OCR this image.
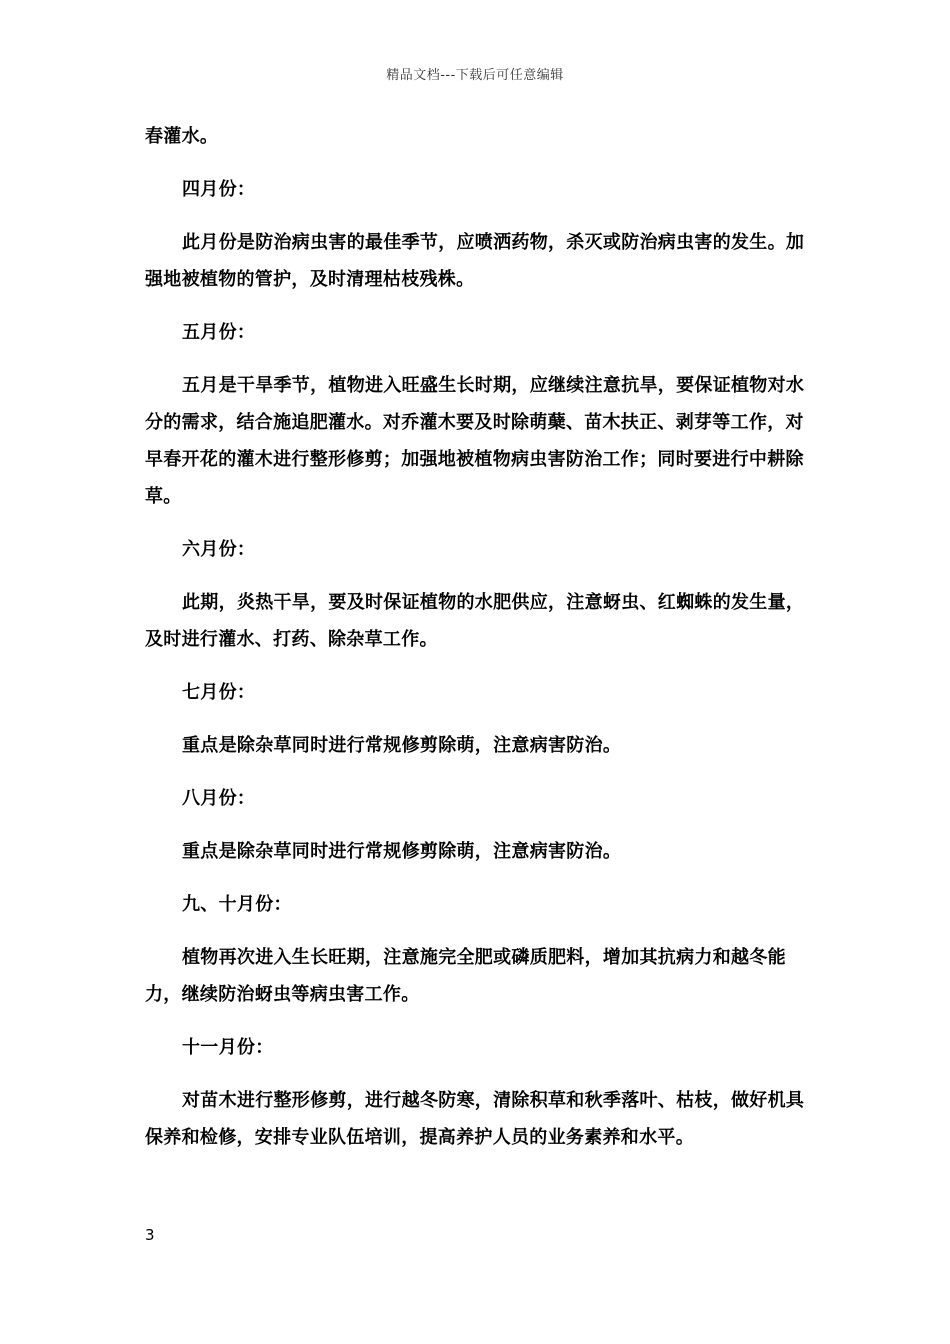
精品文档---下载后可任意编辑

春灌水。

四月份：

此月份是防治病虫害的最佳季节，应喷洒药物，杀灭或防治病虫害的发生。加强地被植物的管护，及时清理枯枝残株。

五月份：

五月是干旱季节，植物进入旺盛生长时期，应继续注意抗旱，要保证植物对水分的需求，结合施追肥灌水。对乔灌木要及时除萌蘖、苗木扶正、剥芽等工作，对早春开花的灌木进行整形修剪；加强地被植物病虫害防治工作；同时要进行中耕除草。

六月份：

此期，炎热干旱，要及时保证植物的水肥供应，注意蚜虫、红蜘蛛的发生量，及时进行灌水、打药、除杂草工作。

七月份：

重点是除杂草同时进行常规修剪除萌，注意病害防治。

八月份：

重点是除杂草同时进行常规修剪除萌，注意病害防治。

九、十月份：

植物再次进入生长旺期，注意施完全肥或磷质肥料，增加其抗病力和越冬能力，继续防治蚜虫等病虫害工作。

十一月份：

对苗木进行整形修剪，进行越冬防寒，清除积草和秋季落叶、枯枝，做好机具保养和检修，安排专业队伍培训，提高养护人员的业务素养和水平。

3
